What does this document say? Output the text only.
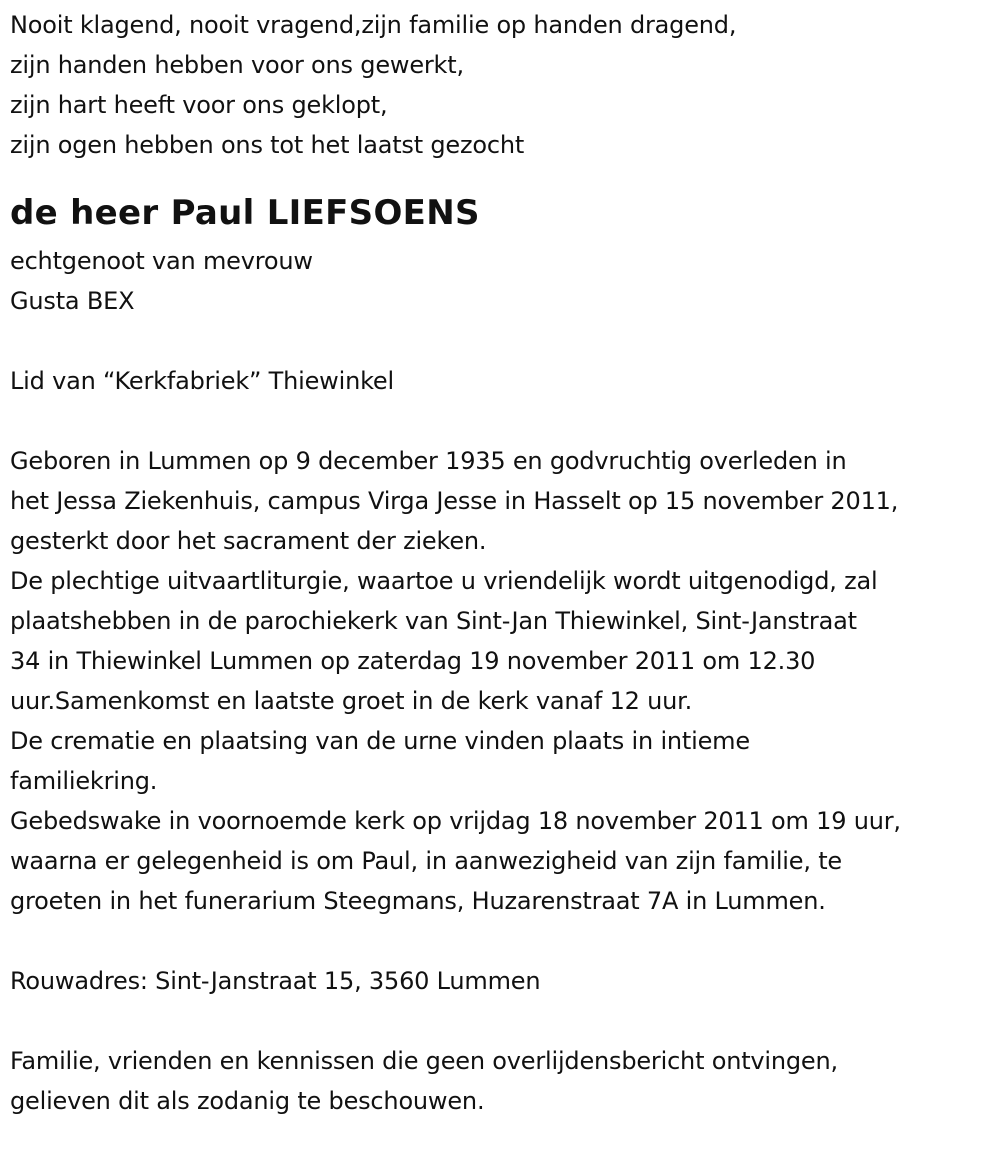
Nooit klagend, nooit vragend,zijn familie op handen dragend,
zijn handen hebben voor ons gewerkt,
zijn hart heeft voor ons geklopt,
zijn ogen hebben ons tot het laatst gezocht
de heer Paul LIEFSOENS
echtgenoot van mevrouw
Gusta BEX
Lid van “Kerkfabriek” Thiewinkel
Geboren in Lummen op 9 december 1935 en godvruchtig overleden in
het Jessa Ziekenhuis, campus Virga Jesse in Hasselt op 15 november 2011,
gesterkt door het sacrament der zieken.
De plechtige uitvaartliturgie, waartoe u vriendelijk wordt uitgenodigd, zal
plaatshebben in de parochiekerk van Sint-Jan Thiewinkel, Sint-Janstraat
34 in Thiewinkel Lummen op zaterdag 19 november 2011 om 12.30
uur.Samenkomst en laatste groet in de kerk vanaf 12 uur.
De crematie en plaatsing van de urne vinden plaats in intieme
familiekring.
Gebedswake in voornoemde kerk op vrijdag 18 november 2011 om 19 uur,
waarna er gelegenheid is om Paul, in aanwezigheid van zijn familie, te
groeten in het funerarium Steegmans, Huzarenstraat 7A in Lummen.
Rouwadres: Sint-Janstraat 15, 3560 Lummen
Familie, vrienden en kennissen die geen overlijdensbericht ontvingen,
gelieven dit als zodanig te beschouwen.
